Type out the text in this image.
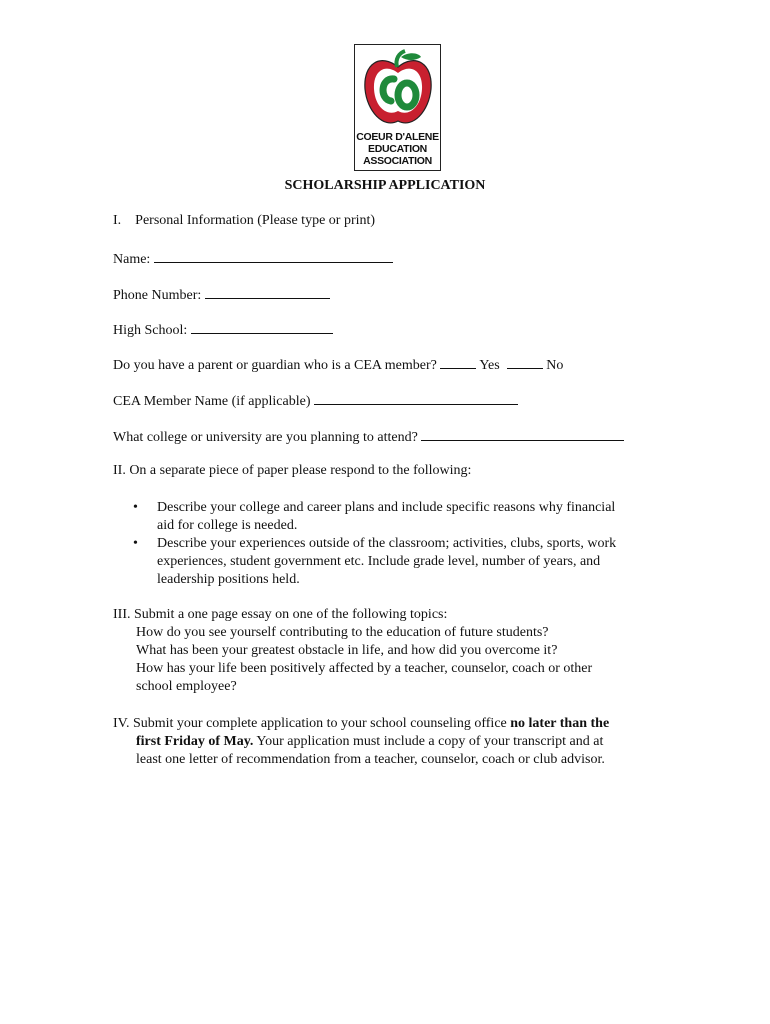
COEUR D'ALENE
EDUCATION
ASSOCIATION
SCHOLARSHIP APPLICATION
I. Personal Information (Please type or print)
Name:
Phone Number:
High School:
Do you have a parent or guardian who is a CEA member?	Yes	No
CEA Member Name (if applicable)
What college or university are you planning to attend?
II. On a separate piece of paper please respond to the following:
• Describe your college and career plans and include specific reasons why financial
aid for college is needed.
• Describe your experiences outside of the classroom; activities, clubs, sports, work
experiences, student government etc. Include grade level, number of years, and
leadership positions held.
III. Submit a one page essay on one of the following topics:
How do you see yourself contributing to the education of future students?
What has been your greatest obstacle in life, and how did you overcome it?
How has your life been positively affected by a teacher, counselor, coach or other
school employee?
IV. Submit your complete application to your school counseling office no later than the
first Friday of May. Your application must include a copy of your transcript and at
least one letter of recommendation from a teacher, counselor, coach or club advisor.
